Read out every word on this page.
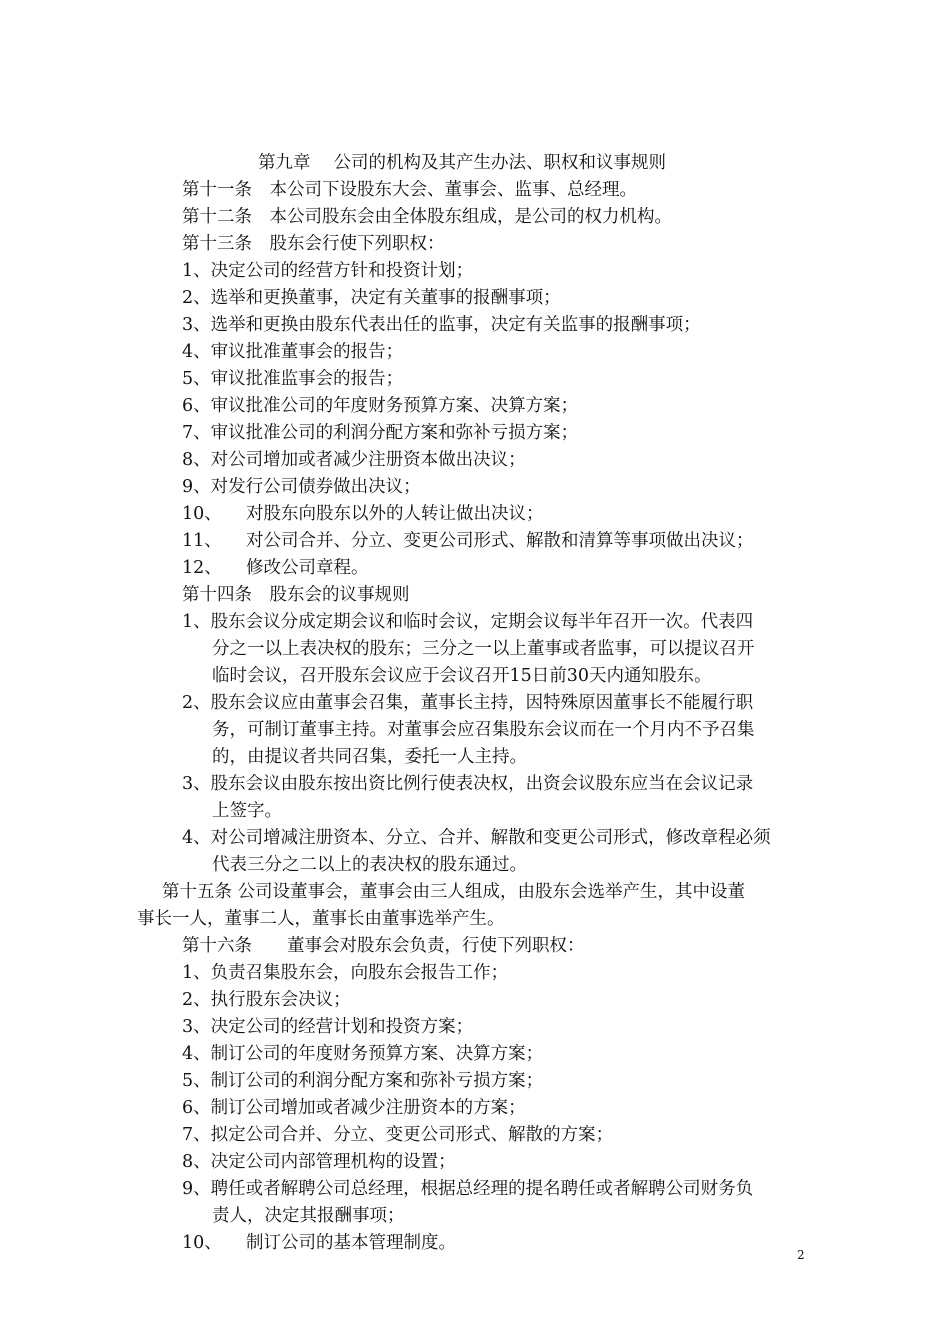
第九章　 公司的机构及其产生办法、职权和议事规则
第十一条　本公司下设股东大会、董事会、监事、总经理。
第十二条　本公司股东会由全体股东组成，是公司的权力机构。
第十三条　股东会行使下列职权：
1、决定公司的经营方针和投资计划；
2、选举和更换董事，决定有关董事的报酬事项；
3、选举和更换由股东代表出任的监事，决定有关监事的报酬事项；
4、审议批准董事会的报告；
5、审议批准监事会的报告；
6、审议批准公司的年度财务预算方案、决算方案；
7、审议批准公司的利润分配方案和弥补亏损方案；
8、对公司增加或者减少注册资本做出决议；
9、对发行公司债券做出决议；
10、 对股东向股东以外的人转让做出决议；
11、 对公司合并、分立、变更公司形式、解散和清算等事项做出决议；
12、 修改公司章程。
第十四条　股东会的议事规则
1、股东会议分成定期会议和临时会议，定期会议每半年召开一次。代表四
分之一以上表决权的股东；三分之一以上董事或者监事，可以提议召开
临时会议，召开股东会议应于会议召开15日前30天内通知股东。
2、股东会议应由董事会召集，董事长主持，因特殊原因董事长不能履行职
务，可制订董事主持。对董事会应召集股东会议而在一个月内不予召集
的，由提议者共同召集，委托一人主持。
3、股东会议由股东按出资比例行使表决权，出资会议股东应当在会议记录
上签字。
4、对公司增减注册资本、分立、合并、解散和变更公司形式，修改章程必须
代表三分之二以上的表决权的股东通过。
第十五条 公司设董事会，董事会由三人组成，由股东会选举产生，其中设董
事长一人，董事二人，董事长由董事选举产生。
第十六条　　董事会对股东会负责，行使下列职权：
1、负责召集股东会，向股东会报告工作；
2、执行股东会决议；
3、决定公司的经营计划和投资方案；
4、制订公司的年度财务预算方案、决算方案；
5、制订公司的利润分配方案和弥补亏损方案；
6、制订公司增加或者减少注册资本的方案；
7、拟定公司合并、分立、变更公司形式、解散的方案；
8、决定公司内部管理机构的设置；
9、聘任或者解聘公司总经理，根据总经理的提名聘任或者解聘公司财务负
责人，决定其报酬事项；
10、 制订公司的基本管理制度。
2
